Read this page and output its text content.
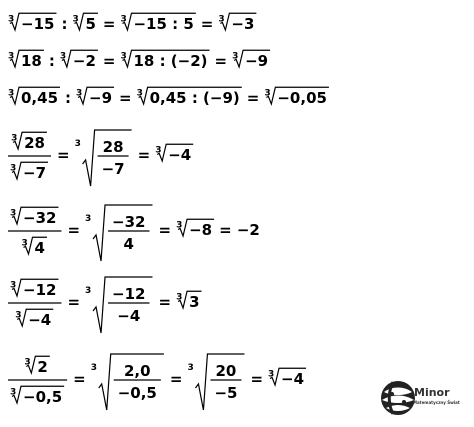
3 −15 : 3 5 = 3 −15 : 5 = 3 −3
3 18 : 3 −2 = 3 18 : (−2) = 3 −9
3 0,45 : 3 −9 = 3 0,45 : (−9) = 3 −0,05
3 28
3 −7
=
3 28
−7
= 3 −4
3 −32
3 4
=
3 −32
4
= 3 −8 = −2
3 −12
3 −4
=
3 −12
−4
= 3 3
3 2
3 −0,5
=
3 2,0
−0,5
=
3 20
−5
= 3 −4
Minor
Matematyczny Świat
